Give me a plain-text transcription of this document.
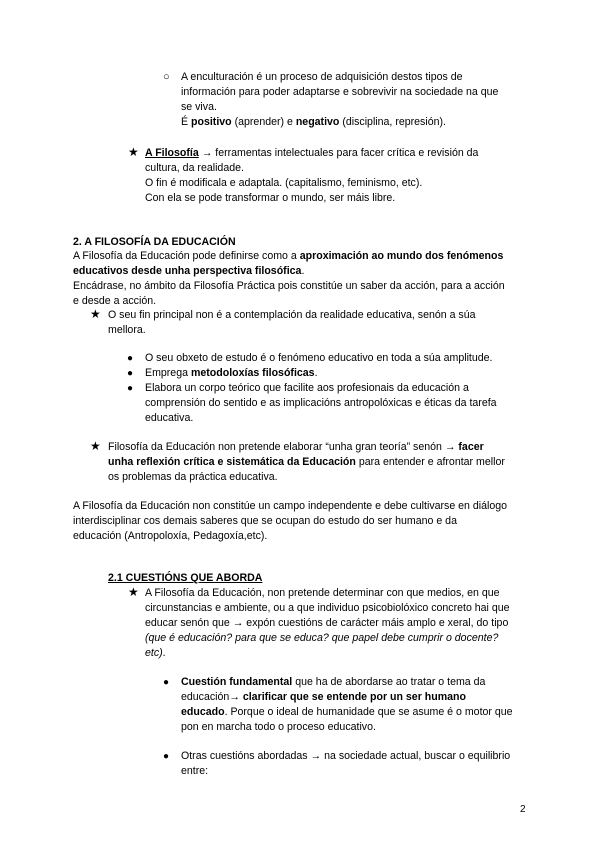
○ A enculturación é un proceso de adquisición destos tipos de

información para poder adaptarse e sobrevivir na sociedade na que

se viva.

É positivo (aprender) e negativo (disciplina, represión).

★ A Filosofía → ferramentas intelectuales para facer crítica e revisión da

cultura, da realidade.

O fin é modificala e adaptala. (capitalismo, feminismo, etc).

Con ela se pode transformar o mundo, ser máis libre.

2. A FILOSOFÍA DA EDUCACIÓN

A Filosofía da Educación pode definirse como a aproximación ao mundo dos fenómenos

educativos desde unha perspectiva filosófica.

Encádrase, no ámbito da Filosofía Práctica pois constitúe un saber da acción, para a acción

e desde a acción.

★ O seu fin principal non é a contemplación da realidade educativa, senón a súa

mellora.

● O seu obxeto de estudo é o fenómeno educativo en toda a súa amplitude.

● Emprega metodoloxías filosóficas.

● Elabora un corpo teórico que facilite aos profesionais da educación a

comprensión do sentido e as implicacións antropolóxicas e éticas da tarefa

educativa.

★ Filosofía da Educación non pretende elaborar “unha gran teoría” senón → facer

unha reflexión crítica e sistemática da Educación para entender e afrontar mellor

os problemas da práctica educativa.

A Filosofía da Educación non constitúe un campo independente e debe cultivarse en diálogo

interdisciplinar cos demais saberes que se ocupan do estudo do ser humano e da

educación (Antropoloxía, Pedagoxía,etc).

2.1 CUESTIÓNS QUE ABORDA

★ A Filosofía da Educación, non pretende determinar con que medios, en que

circunstancias e ambiente, ou a que individuo psicobiolóxico concreto hai que

educar senón que → expón cuestións de carácter máis amplo e xeral, do tipo

(que é educación? para que se educa? que papel debe cumprir o docente?

etc).

● Cuestión fundamental que ha de abordarse ao tratar o tema da

educación→ clarificar que se entende por un ser humano

educado. Porque o ideal de humanidade que se asume é o motor que

pon en marcha todo o proceso educativo.

● Otras cuestións abordadas → na sociedade actual, buscar o equilibrio

entre:

2
